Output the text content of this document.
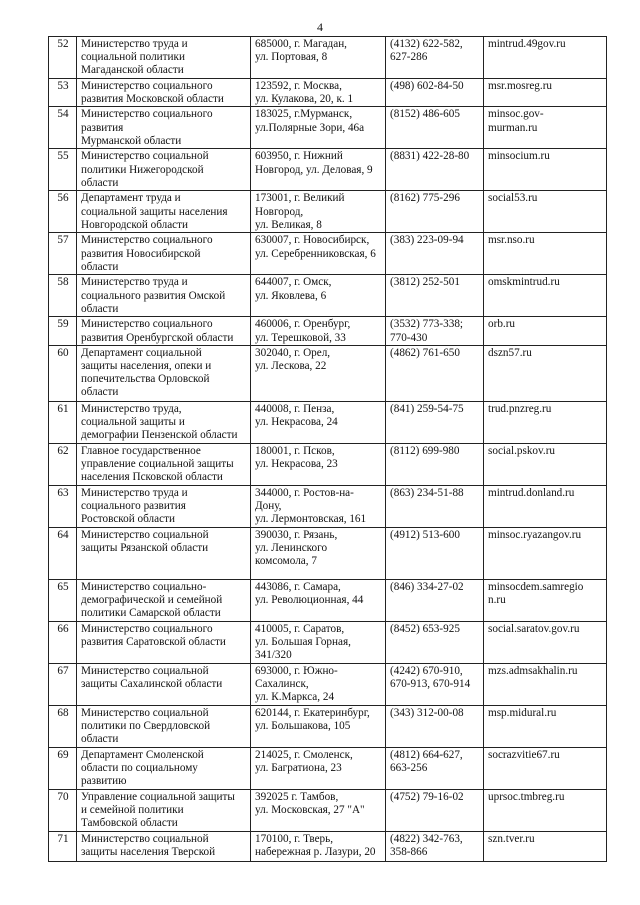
4
52	Министерство труда и
социальной политики
Магаданской области	685000, г. Магадан,
ул. Портовая, 8	(4132) 622-582,
627-286	mintrud.49gov.ru
53	Министерство социального
развития Московской области	123592, г. Москва,
ул. Кулакова, 20, к. 1	(498) 602-84-50	msr.mosreg.ru
54	Министерство социального
развития
Мурманской области	183025, г.Мурманск,
ул.Полярные Зори, 46а	(8152) 486-605	minsoc.gov-
murman.ru
55	Министерство социальной
политики Нижегородской
области	603950, г. Нижний
Новгород, ул. Деловая, 9	(8831) 422-28-80	minsocium.ru
56	Департамент труда и
социальной защиты населения
Новгородской области	173001, г. Великий
Новгород,
ул. Великая, 8	(8162) 775-296	social53.ru
57	Министерство социального
развития Новосибирской
области	630007, г. Новосибирск,
ул. Серебренниковская, 6	(383) 223-09-94	msr.nso.ru
58	Министерство труда и
социального развития Омской
области	644007, г. Омск,
ул. Яковлева, 6	(3812) 252-501	omskmintrud.ru
59	Министерство социального
развития Оренбургской области	460006, г. Оренбург,
ул. Терешковой, 33	(3532) 773-338;
770-430	orb.ru
60	Департамент социальной
защиты населения, опеки и
попечительства Орловской
области	302040, г. Орел,
ул. Лескова, 22	(4862) 761-650	dszn57.ru
61	Министерство труда,
социальной защиты и
демографии Пензенской области	440008, г. Пенза,
ул. Некрасова, 24	(841) 259-54-75	trud.pnzreg.ru
62	Главное государственное
управление социальной защиты
населения Псковской области	180001, г. Псков,
ул. Некрасова, 23	(8112) 699-980	social.pskov.ru
63	Министерство труда и
социального развития
Ростовской области	344000, г. Ростов-на-
Дону,
ул. Лермонтовская, 161	(863) 234-51-88	mintrud.donland.ru
64	Министерство социальной
защиты Рязанской области	390030, г. Рязань,
ул. Ленинского
комсомола, 7	(4912) 513-600	minsoc.ryazangov.ru
65	Министерство социально-
демографической и семейной
политики Самарской области	443086, г. Самара,
ул. Революционная, 44	(846) 334-27-02	minsocdem.samregio
n.ru
66	Министерство социального
развития Саратовской области	410005, г. Саратов,
ул. Большая Горная,
341/320	(8452) 653-925	social.saratov.gov.ru
67	Министерство социальной
защиты Сахалинской области	693000, г. Южно-
Сахалинск,
ул. К.Маркса, 24	(4242) 670-910,
670-913, 670-914	mzs.admsakhalin.ru
68	Министерство социальной
политики по Свердловской
области	620144, г. Екатеринбург,
ул. Большакова, 105	(343) 312-00-08	msp.midural.ru
69	Департамент Смоленской
области по социальному
развитию	214025, г. Смоленск,
ул. Багратиона, 23	(4812) 664-627,
663-256	socrazvitie67.ru
70	Управление социальной защиты
и семейной политики
Тамбовской области	392025 г. Тамбов,
ул. Московская, 27 "А"	(4752) 79-16-02	uprsoc.tmbreg.ru
71	Министерство социальной
защиты населения Тверской	170100, г. Тверь,
набережная р. Лазури, 20	(4822) 342-763,
358-866	szn.tver.ru
